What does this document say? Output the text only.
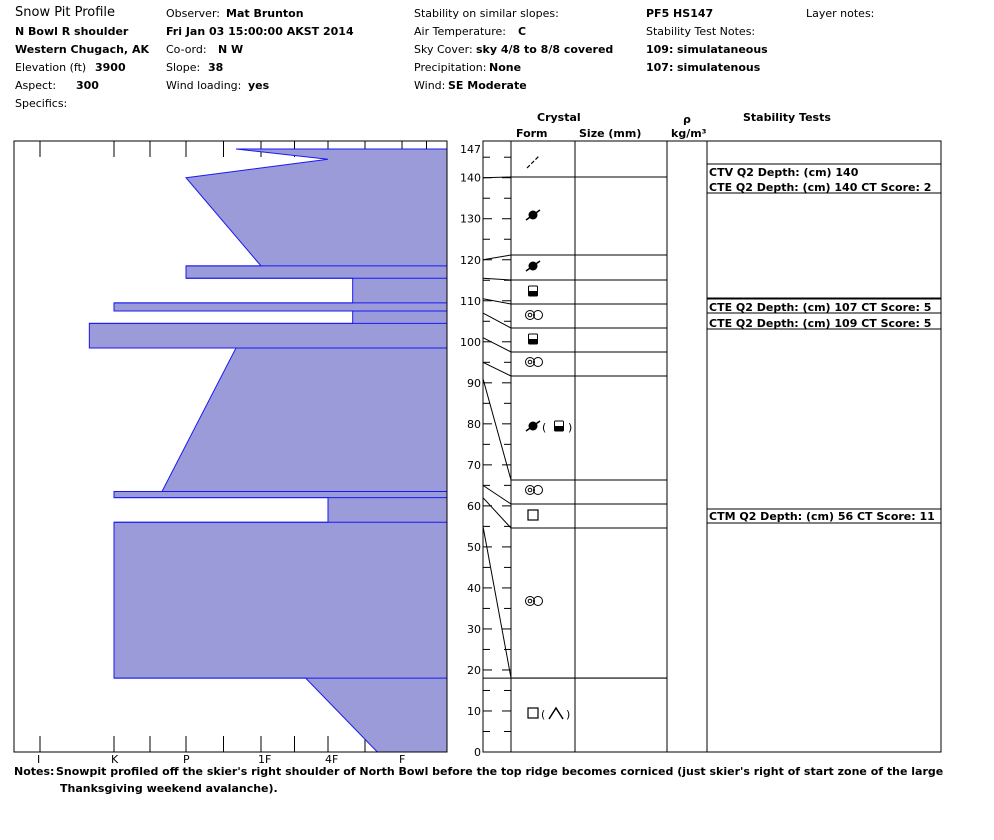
Snow Pit Profile
N Bowl R shoulder
Western Chugach, AK
Elevation (ft) 3900
Aspect: 300
Specifics:
Observer: Mat Brunton
Fri Jan 03 15:00:00 AKST 2014
Co-ord: N W
Slope: 38
Wind loading: yes
Stability on similar slopes:
Air Temperature: C
Sky Cover: sky 4/8 to 8/8 covered
Precipitation: None
Wind: SE Moderate
PF5 HS147
Stability Test Notes:
109: simulataneous
107: simulatenous
Layer notes:
Crystal
Form	Size (mm)
ρ
kg/m³
Stability Tests
Notes: Snowpit profiled off the skier's right shoulder of North Bowl before the top ridge becomes corniced (just skier's right of start zone of the large
Thanksgiving weekend avalanche).
I	K	P	1F	4F	F
147
140
130
120
110
100
90
80
70
60
50
40
30
20
10
0
( )
( )
CTV Q2 Depth: (cm) 140
CTE Q2 Depth: (cm) 140 CT Score: 2
CTE Q2 Depth: (cm) 107 CT Score: 5
CTE Q2 Depth: (cm) 109 CT Score: 5
CTM Q2 Depth: (cm) 56 CT Score: 11
